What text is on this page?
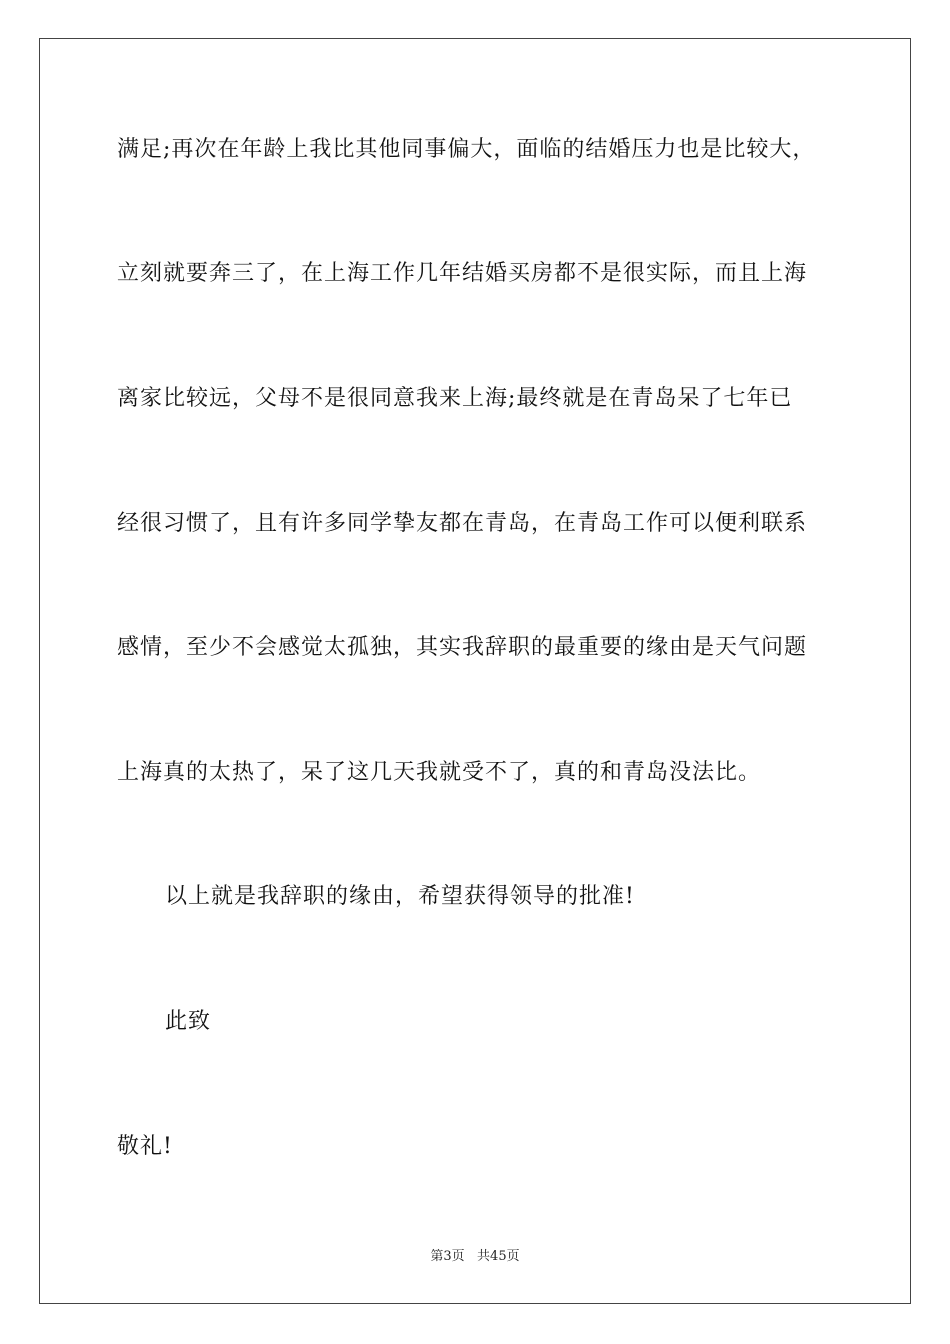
满足;再次在年龄上我比其他同事偏大，面临的结婚压力也是比较大，
立刻就要奔三了，在上海工作几年结婚买房都不是很实际，而且上海
离家比较远，父母不是很同意我来上海;最终就是在青岛呆了七年已
经很习惯了，且有许多同学挚友都在青岛，在青岛工作可以便利联系
感情，至少不会感觉太孤独，其实我辞职的最重要的缘由是天气问题
上海真的太热了，呆了这几天我就受不了，真的和青岛没法比。
以上就是我辞职的缘由，希望获得领导的批准!
此致
敬礼!
第3页   共45页
